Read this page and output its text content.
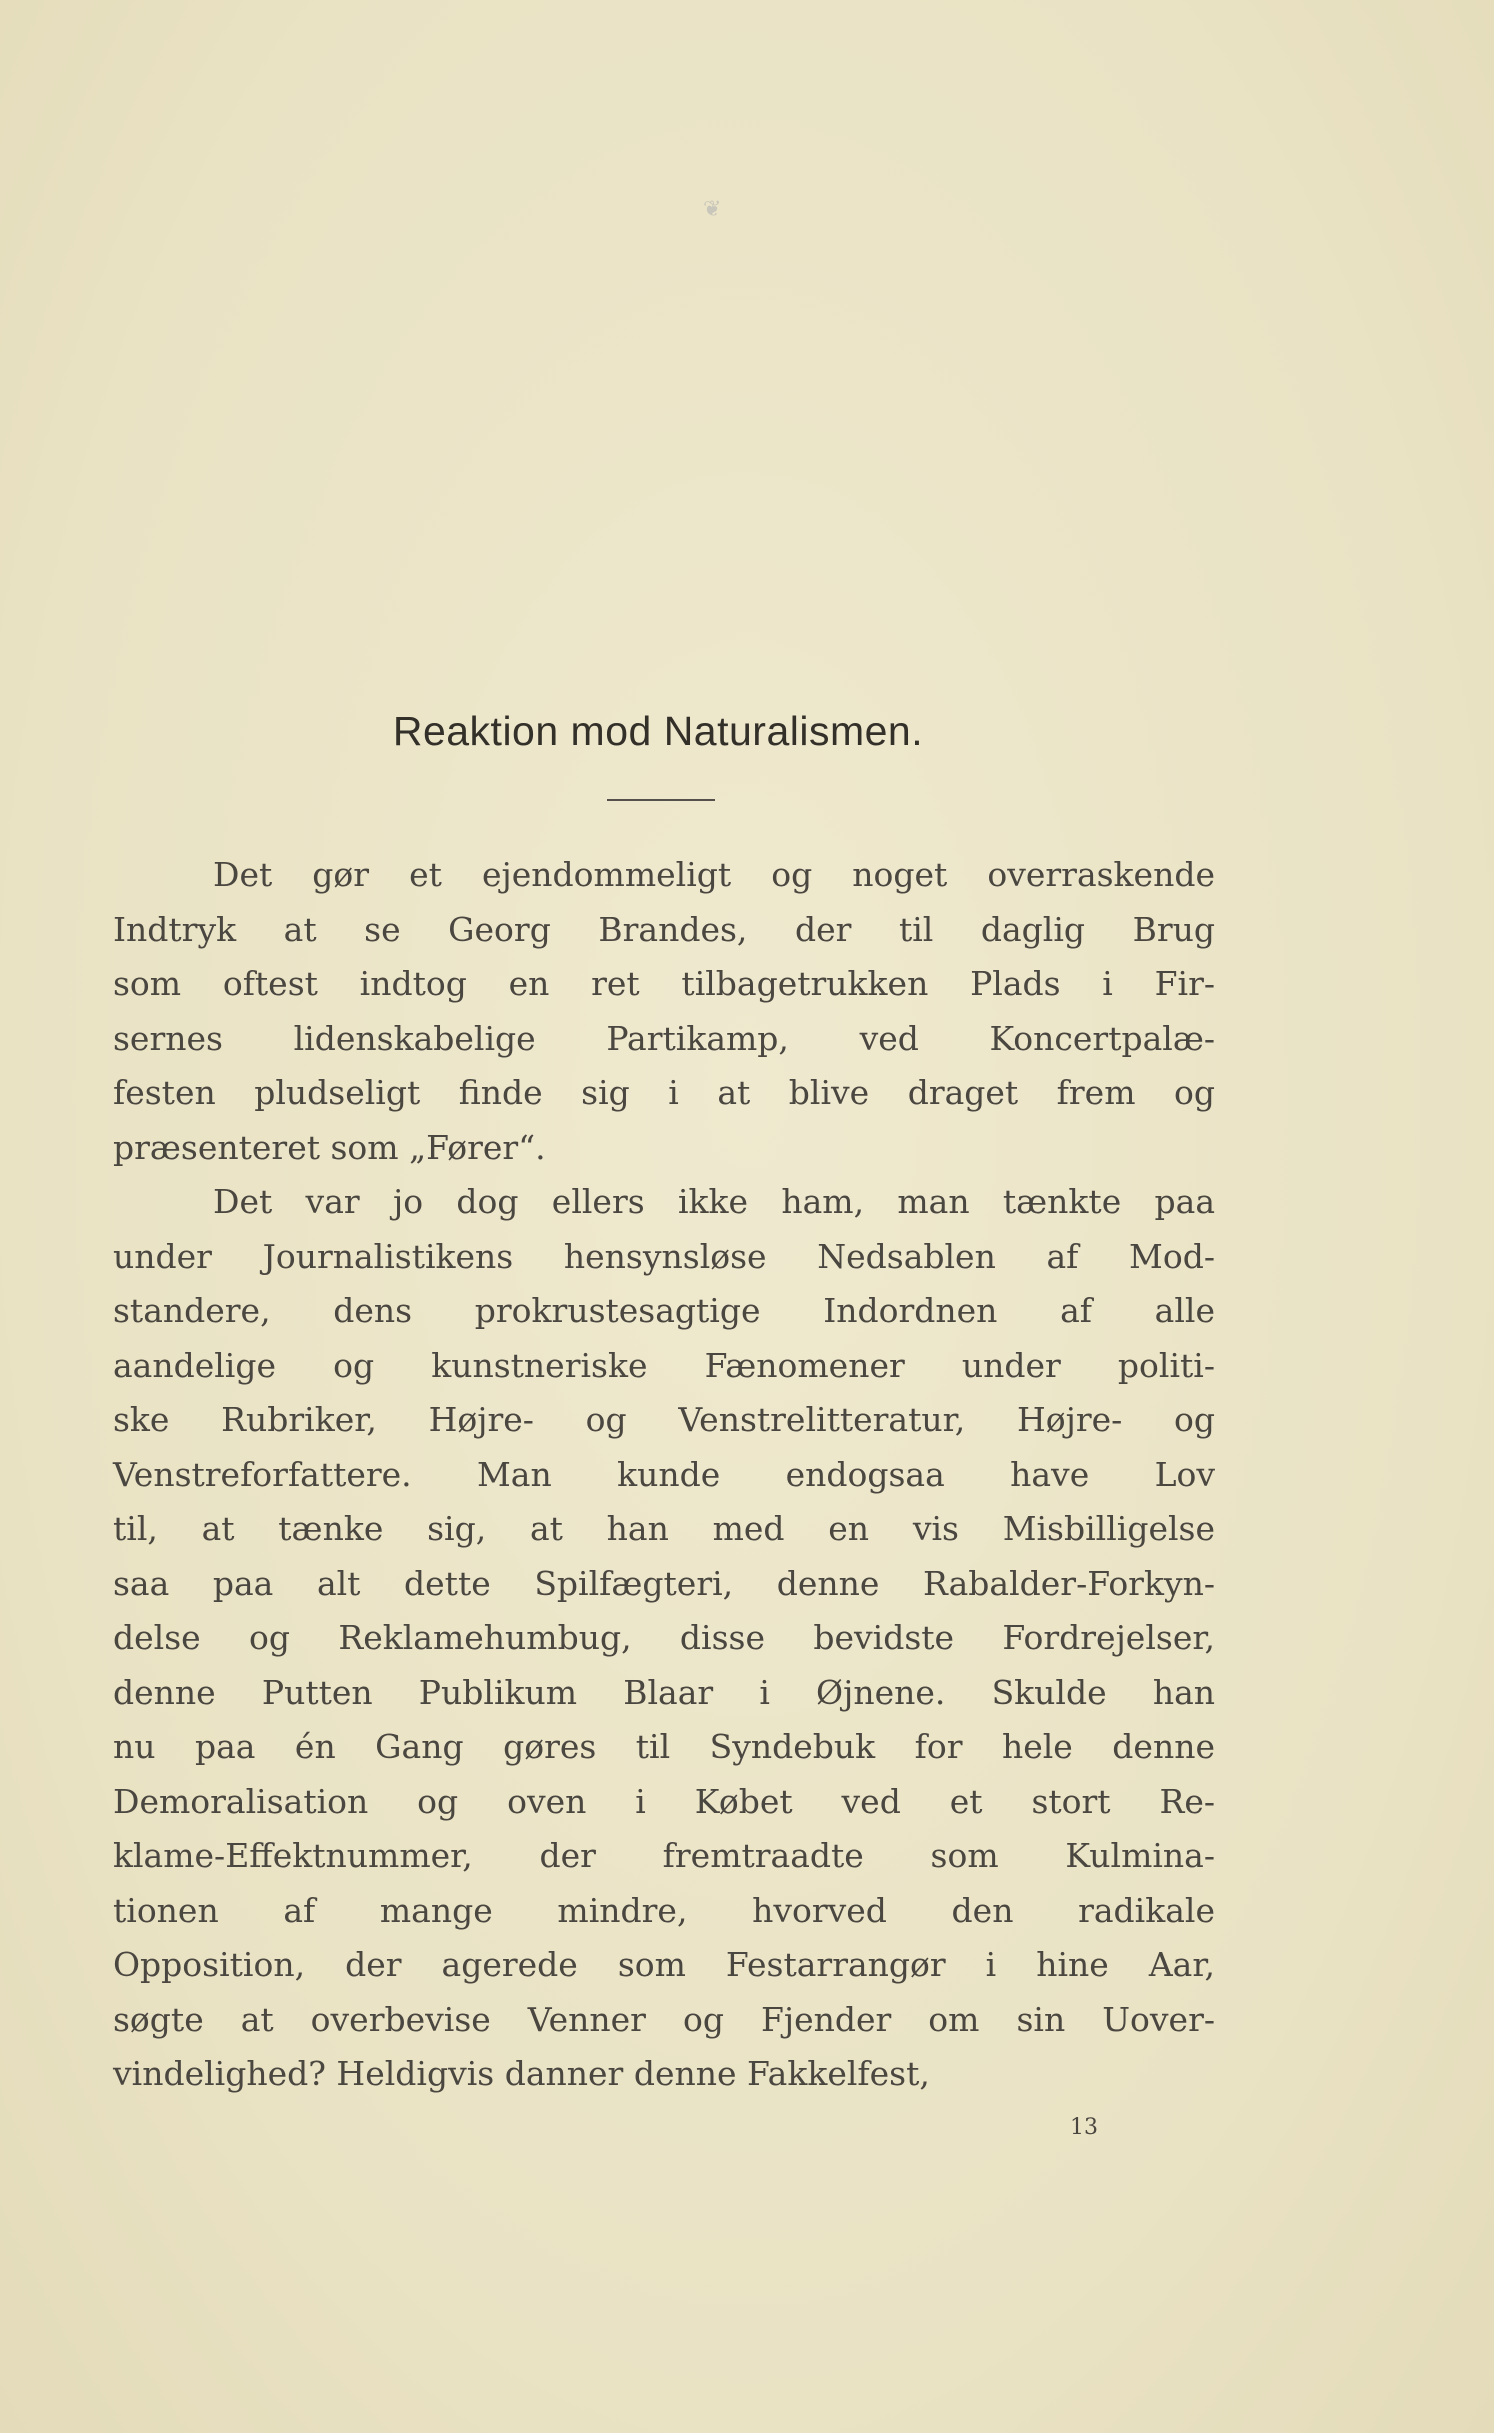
❦
Reaktion mod Naturalismen.
Det gør et ejendommeligt og noget overraskende
Indtryk at se Georg Brandes, der til daglig Brug
som oftest indtog en ret tilbagetrukken Plads i Fir-
sernes lidenskabelige Partikamp, ved Koncertpalæ-
festen pludseligt finde sig i at blive draget frem og
præsenteret som „Fører“.
Det var jo dog ellers ikke ham, man tænkte paa
under Journalistikens hensynsløse Nedsablen af Mod-
standere, dens prokrustesagtige Indordnen af alle
aandelige og kunstneriske Fænomener under politi-
ske Rubriker, Højre- og Venstrelitteratur, Højre- og
Venstreforfattere. Man kunde endogsaa have Lov
til, at tænke sig, at han med en vis Misbilligelse
saa paa alt dette Spilfægteri, denne Rabalder-Forkyn-
delse og Reklamehumbug, disse bevidste Fordrejelser,
denne Putten Publikum Blaar i Øjnene. Skulde han
nu paa én Gang gøres til Syndebuk for hele denne
Demoralisation og oven i Købet ved et stort Re-
klame-Effektnummer, der fremtraadte som Kulmina-
tionen af mange mindre, hvorved den radikale
Opposition, der agerede som Festarrangør i hine Aar,
søgte at overbevise Venner og Fjender om sin Uover-
vindelighed? Heldigvis danner denne Fakkelfest,
13
